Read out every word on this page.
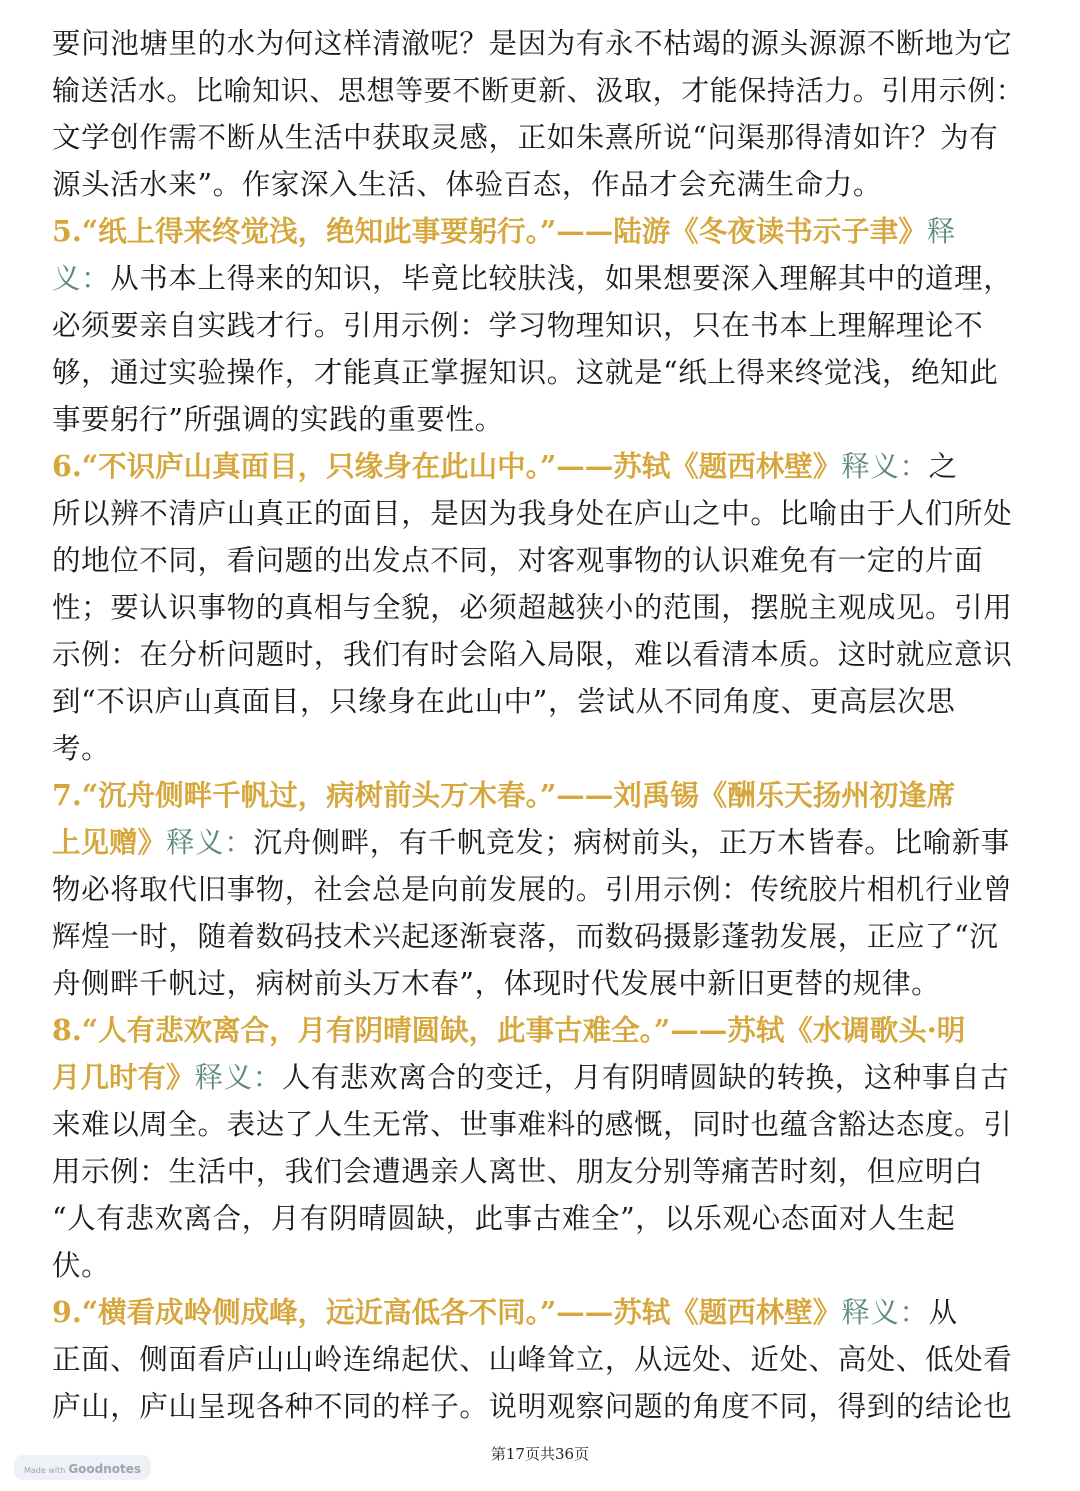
要问池塘里的水为何这样清澈呢？是因为有永不枯竭的源头源源不断地为它

输送活水。比喻知识、思想等要不断更新、汲取，才能保持活力。引用示例：

文学创作需不断从生活中获取灵感，正如朱熹所说“问渠那得清如许？为有

源头活水来”。作家深入生活、体验百态，作品才会充满生命力。

5.“纸上得来终觉浅，绝知此事要躬行。”——陆游《冬夜读书示子聿》释

义：从书本上得来的知识，毕竟比较肤浅，如果想要深入理解其中的道理，

必须要亲自实践才行。引用示例：学习物理知识，只在书本上理解理论不

够，通过实验操作，才能真正掌握知识。这就是“纸上得来终觉浅，绝知此

事要躬行”所强调的实践的重要性。

6.“不识庐山真面目，只缘身在此山中。”——苏轼《题西林壁》释义：之

所以辨不清庐山真正的面目，是因为我身处在庐山之中。比喻由于人们所处

的地位不同，看问题的出发点不同，对客观事物的认识难免有一定的片面

性；要认识事物的真相与全貌，必须超越狭小的范围，摆脱主观成见。引用

示例：在分析问题时，我们有时会陷入局限，难以看清本质。这时就应意识

到“不识庐山真面目，只缘身在此山中”，尝试从不同角度、更高层次思

考。

7.“沉舟侧畔千帆过，病树前头万木春。”——刘禹锡《酬乐天扬州初逢席

上见赠》释义：沉舟侧畔，有千帆竞发；病树前头，正万木皆春。比喻新事

物必将取代旧事物，社会总是向前发展的。引用示例：传统胶片相机行业曾

辉煌一时，随着数码技术兴起逐渐衰落，而数码摄影蓬勃发展，正应了“沉

舟侧畔千帆过，病树前头万木春”，体现时代发展中新旧更替的规律。

8.“人有悲欢离合，月有阴晴圆缺，此事古难全。”——苏轼《水调歌头·明

月几时有》释义：人有悲欢离合的变迁，月有阴晴圆缺的转换，这种事自古

来难以周全。表达了人生无常、世事难料的感慨，同时也蕴含豁达态度。引

用示例：生活中，我们会遭遇亲人离世、朋友分别等痛苦时刻，但应明白

“人有悲欢离合，月有阴晴圆缺，此事古难全”，以乐观心态面对人生起

伏。

9.“横看成岭侧成峰，远近高低各不同。”——苏轼《题西林壁》释义：从

正面、侧面看庐山山岭连绵起伏、山峰耸立，从远处、近处、高处、低处看

庐山，庐山呈现各种不同的样子。说明观察问题的角度不同，得到的结论也

第17页共36页
Made with Goodnotes
